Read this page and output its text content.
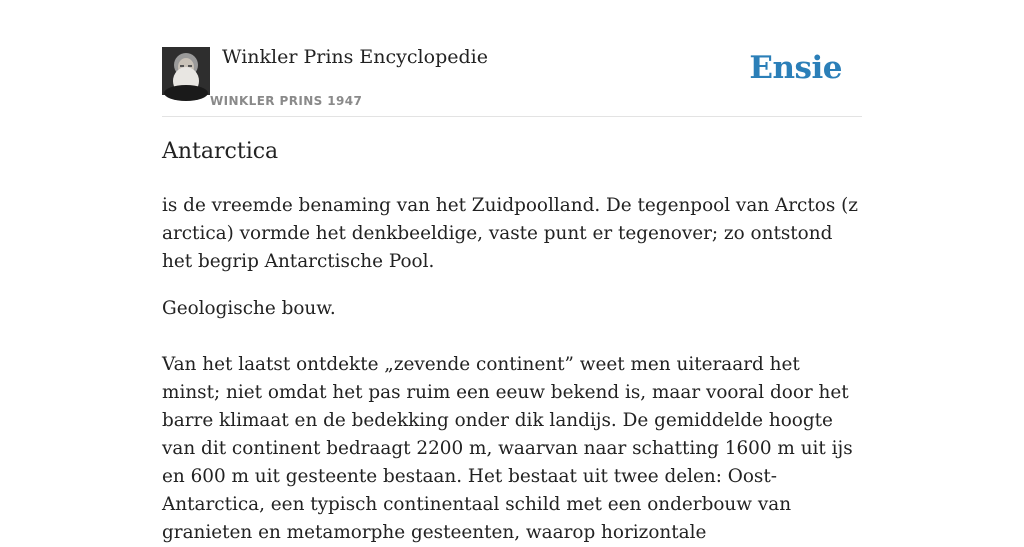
Winkler Prins Encyclopedie
WINKLER PRINS 1947
Ensie
Antarctica

is de vreemde benaming van het Zuidpoolland. De tegenpool van Arctos (z arctica) vormde het denkbeeldige, vaste punt er tegenover; zo ontstond het begrip Antarctische Pool.

Geologische bouw.

Van het laatst ontdekte „zevende continent” weet men uiteraard het minst; niet omdat het pas ruim een eeuw bekend is, maar vooral door het barre klimaat en de bedekking onder dik landijs. De gemiddelde hoogte van dit continent bedraagt 2200 m, waarvan naar schatting 1600 m uit ijs en 600 m uit gesteente bestaan. Het bestaat uit twee delen: Oost-Antarctica, een typisch continentaal schild met een onderbouw van granieten en metamorphe gesteenten, waarop horizontale
